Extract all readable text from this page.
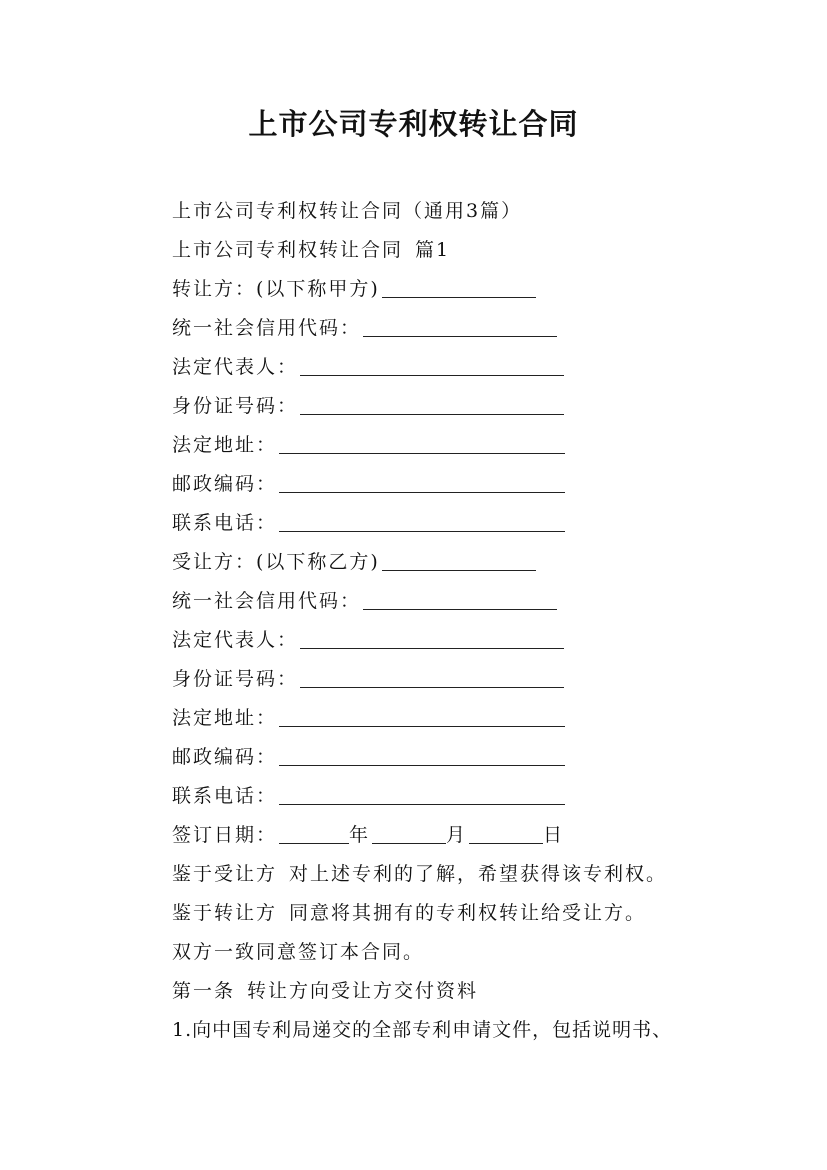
上市公司专利权转让合同
上市公司专利权转让合同（通用3篇）
上市公司专利权转让合同 篇1
转让方：(以下称甲方)
统一社会信用代码：
法定代表人：
身份证号码：
法定地址：
邮政编码：
联系电话：
受让方：(以下称乙方)
统一社会信用代码：
法定代表人：
身份证号码：
法定地址：
邮政编码：
联系电话：
签订日期：	年	月	日
鉴于受让方 对上述专利的了解，希望获得该专利权。
鉴于转让方 同意将其拥有的专利权转让给受让方。
双方一致同意签订本合同。
第一条 转让方向受让方交付资料
1.向中国专利局递交的全部专利申请文件，包括说明书、
